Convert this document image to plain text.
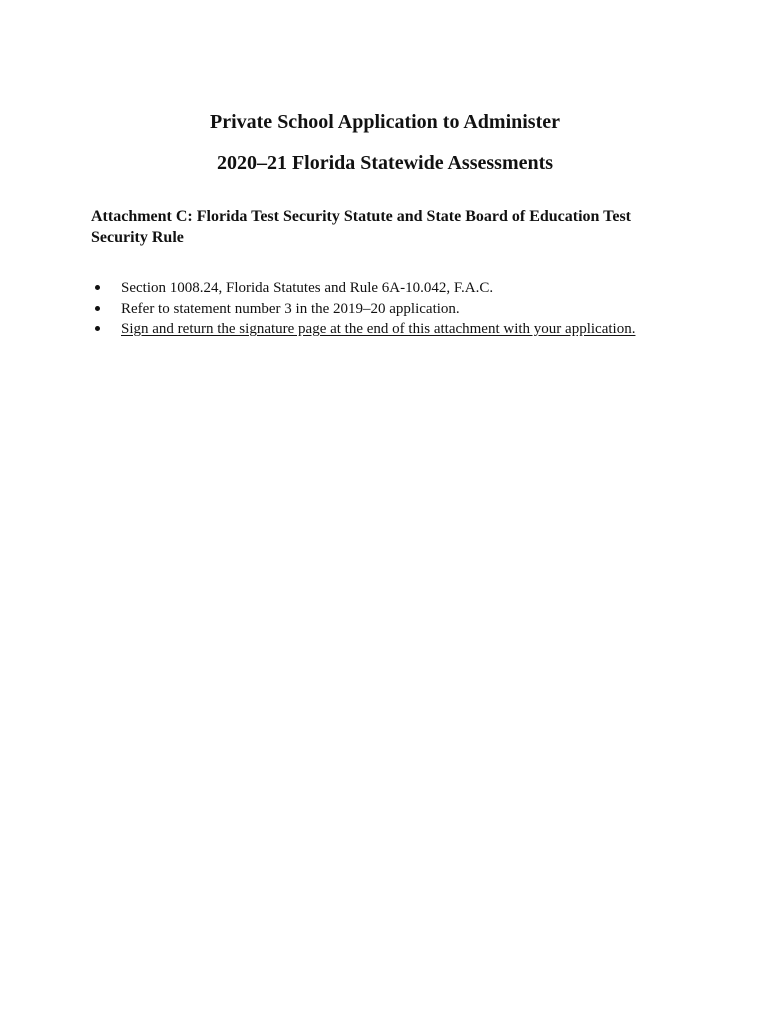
Private School Application to Administer
2020–21 Florida Statewide Assessments

Attachment C: Florida Test Security Statute and State Board of Education Test Security Rule

Section 1008.24, Florida Statutes and Rule 6A-10.042, F.A.C.
Refer to statement number 3 in the 2019–20 application.
Sign and return the signature page at the end of this attachment with your application.
